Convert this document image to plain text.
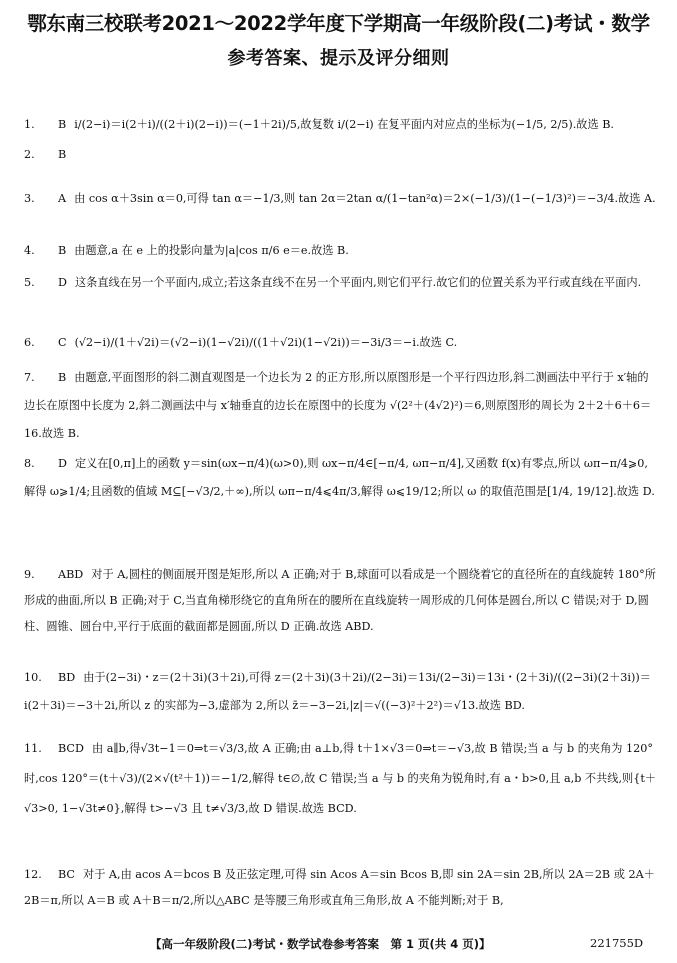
鄂东南三校联考2021～2022学年度下学期高一年级阶段(二)考试・数学
参考答案、提示及评分细则
1. B i/(2−i)＝i(2＋i)/((2＋i)(2−i))＝(−1＋2i)/5,故复数 i/(2−i) 在复平面内对应点的坐标为(−1/5, 2/5).故选 B.
2. B
3. A 由 cos α＋3sin α＝0,可得 tan α＝−1/3,则 tan 2α＝2tan α/(1−tan²α)＝2×(−1/3)/(1−(−1/3)²)＝−3/4.故选 A.
4. B 由题意,a 在 e 上的投影向量为|a|cos π/6 e＝e.故选 B.
5. D 这条直线在另一个平面内,成立;若这条直线不在另一个平面内,则它们平行.故它们的位置关系为平行或直线在平面内.
6. C (√2−i)/(1＋√2i)＝(√2−i)(1−√2i)/((1＋√2i)(1−√2i))＝−3i/3＝−i.故选 C.
7. B 由题意,平面图形的斜二测直观图是一个边长为 2 的正方形,所以原图形是一个平行四边形,斜二测画法中平行于 x′轴的边长在原图中长度为 2,斜二测画法中与 x′轴垂直的边长在原图中的长度为 √(2²＋(4√2)²)＝6,则原图形的周长为 2＋2＋6＋6＝16.故选 B.
8. D 定义在[0,π]上的函数 y＝sin(ωx−π/4)(ω>0),则 ωx−π/4∈[−π/4, ωπ−π/4],又函数 f(x)有零点,所以 ωπ−π/4⩾0,解得 ω⩾1/4;且函数的值域 M⊆[−√3/2,＋∞),所以 ωπ−π/4⩽4π/3,解得 ω⩽19/12;所以 ω 的取值范围是[1/4, 19/12].故选 D.
9. ABD 对于 A,圆柱的侧面展开图是矩形,所以 A 正确;对于 B,球面可以看成是一个圆绕着它的直径所在的直线旋转 180°所形成的曲面,所以 B 正确;对于 C,当直角梯形绕它的直角所在的腰所在直线旋转一周形成的几何体是圆台,所以 C 错误;对于 D,圆柱、圆锥、圆台中,平行于底面的截面都是圆面,所以 D 正确.故选 ABD.
10. BD 由于(2−3i)・z＝(2＋3i)(3＋2i),可得 z＝(2＋3i)(3＋2i)/(2−3i)＝13i/(2−3i)＝13i・(2＋3i)/((2−3i)(2＋3i))＝i(2＋3i)＝−3＋2i,所以 z 的实部为−3,虚部为 2,所以 z̄＝−3−2i,|z|＝√((−3)²＋2²)＝√13.故选 BD.
11. BCD 由 a∥b,得√3t−1＝0⇒t＝√3/3,故 A 正确;由 a⊥b,得 t＋1×√3＝0⇒t＝−√3,故 B 错误;当 a 与 b 的夹角为 120°时,cos 120°＝(t＋√3)/(2×√(t²＋1))＝−1/2,解得 t∈∅,故 C 错误;当 a 与 b 的夹角为锐角时,有 a・b>0,且 a,b 不共线,则{t＋√3>0, 1−√3t≠0},解得 t>−√3 且 t≠√3/3,故 D 错误.故选 BCD.
12. BC 对于 A,由 acos A＝bcos B 及正弦定理,可得 sin Acos A＝sin Bcos B,即 sin 2A＝sin 2B,所以 2A＝2B 或 2A＋2B＝π,所以 A＝B 或 A＋B＝π/2,所以△ABC 是等腰三角形或直角三角形,故 A 不能判断;对于 B,
【高一年级阶段(二)考试・数学试卷参考答案　第 1 页(共 4 页)】	221755D
